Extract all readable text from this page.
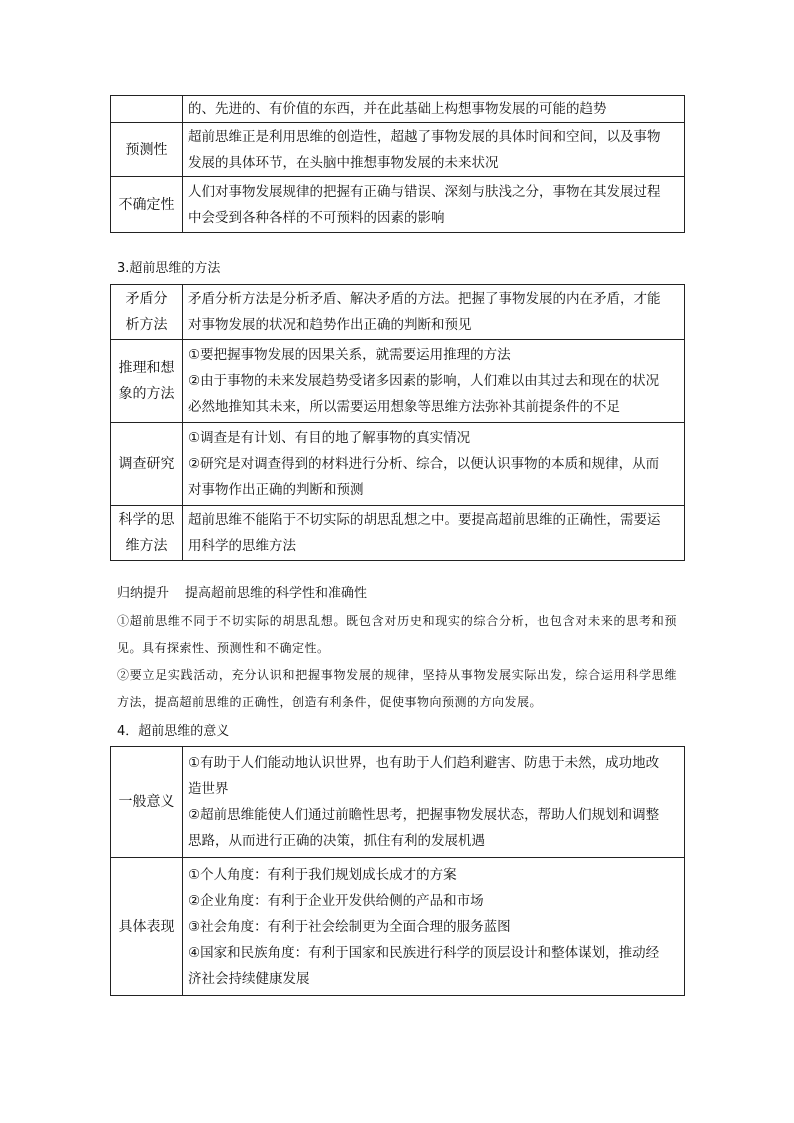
	的、先进的、有价值的东西，并在此基础上构想事物发展的可能的趋势

预测性	超前思维正是利用思维的创造性，超越了事物发展的具体时间和空间，以及事物
发展的具体环节，在头脑中推想事物发展的未来状况

不确定性	人们对事物发展规律的把握有正确与错误、深刻与肤浅之分，事物在其发展过程
中会受到各种各样的不可预料的因素的影响
3.超前思维的方法
矛盾分
析方法	矛盾分析方法是分析矛盾、解决矛盾的方法。把握了事物发展的内在矛盾，才能
对事物发展的状况和趋势作出正确的判断和预见

推理和想
象的方法	①要把握事物发展的因果关系，就需要运用推理的方法
②由于事物的未来发展趋势受诸多因素的影响，人们难以由其过去和现在的状况
必然地推知其未来，所以需要运用想象等思维方法弥补其前提条件的不足

调查研究	①调查是有计划、有目的地了解事物的真实情况
②研究是对调查得到的材料进行分析、综合，以便认识事物的本质和规律，从而
对事物作出正确的判断和预测

科学的思
维方法	超前思维不能陷于不切实际的胡思乱想之中。要提高超前思维的正确性，需要运
用科学的思维方法
归纳提升 提高超前思维的科学性和准确性
①超前思维不同于不切实际的胡思乱想。既包含对历史和现实的综合分析，也包含对未来的思考和预见。具有探索性、预测性和不确定性。
②要立足实践活动，充分认识和把握事物发展的规律，坚持从事物发展实际出发，综合运用科学思维方法，提高超前思维的正确性，创造有利条件，促使事物向预测的方向发展。
4．超前思维的意义
一般意义	①有助于人们能动地认识世界，也有助于人们趋利避害、防患于未然，成功地改
造世界
②超前思维能使人们通过前瞻性思考，把握事物发展状态，帮助人们规划和调整
思路，从而进行正确的决策，抓住有利的发展机遇

具体表现	①个人角度：有利于我们规划成长成才的方案
②企业角度：有利于企业开发供给侧的产品和市场
③社会角度：有利于社会绘制更为全面合理的服务蓝图
④国家和民族角度：有利于国家和民族进行科学的顶层设计和整体谋划，推动经
济社会持续健康发展
